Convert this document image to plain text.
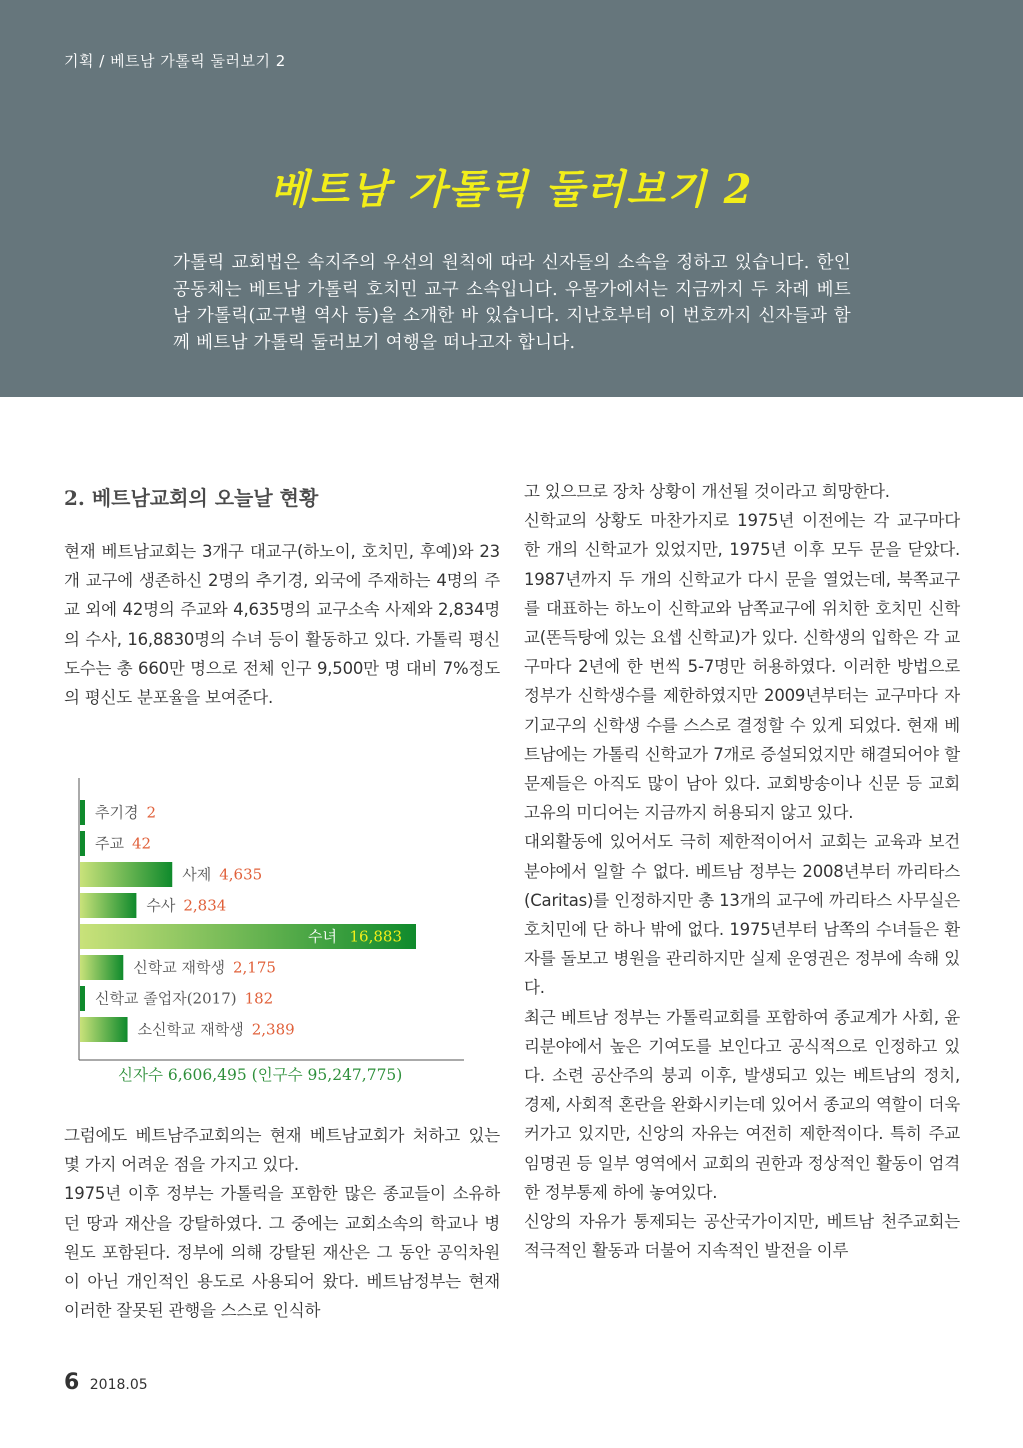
기획 / 베트남 가톨릭 둘러보기 2
베트남 가톨릭 둘러보기 2
가톨릭 교회법은 속지주의 우선의 원칙에 따라 신자들의 소속을 정하고 있습니다. 한인공동체는 베트남 가톨릭 호치민 교구 소속입니다. 우물가에서는 지금까지 두 차례 베트남 가톨릭(교구별 역사 등)을 소개한 바 있습니다. 지난호부터 이 번호까지 신자들과 함께 베트남 가톨릭 둘러보기 여행을 떠나고자 합니다.
2. 베트남교회의 오늘날 현황

현재 베트남교회는 3개구 대교구(하노이, 호치민, 후예)와 23개 교구에 생존하신 2명의 추기경, 외국에 주재하는 4명의 주교 외에 42명의 주교와 4,635명의 교구소속 사제와 2,834명의 수사, 16,8830명의 수녀 등이 활동하고 있다. 가톨릭 평신도수는 총 660만 명으로 전체 인구 9,500만 명 대비 7%정도의 평신도 분포율을 보여준다.

추기경 2
주교 42
사제 4,635
수사 2,834
수녀 16,883
신학교 재학생 2,175
신학교 졸업자(2017) 182
소신학교 재학생 2,389
신자수 6,606,495 (인구수 95,247,775)

그럼에도 베트남주교회의는 현재 베트남교회가 처하고 있는 몇 가지 어려운 점을 가지고 있다.

1975년 이후 정부는 가톨릭을 포함한 많은 종교들이 소유하던 땅과 재산을 강탈하였다. 그 중에는 교회소속의 학교나 병원도 포함된다. 정부에 의해 강탈된 재산은 그 동안 공익차원이 아닌 개인적인 용도로 사용되어 왔다. 베트남정부는 현재 이러한 잘못된 관행을 스스로 인식하

고 있으므로 장차 상황이 개선될 것이라고 희망한다.

신학교의 상황도 마찬가지로 1975년 이전에는 각 교구마다 한 개의 신학교가 있었지만, 1975년 이후 모두 문을 닫았다. 1987년까지 두 개의 신학교가 다시 문을 열었는데, 북쪽교구를 대표하는 하노이 신학교와 남쪽교구에 위치한 호치민 신학교(똔득탕에 있는 요셉 신학교)가 있다. 신학생의 입학은 각 교구마다 2년에 한 번씩 5-7명만 허용하였다. 이러한 방법으로 정부가 신학생수를 제한하였지만 2009년부터는 교구마다 자기교구의 신학생 수를 스스로 결정할 수 있게 되었다. 현재 베트남에는 가톨릭 신학교가 7개로 증설되었지만 해결되어야 할 문제들은 아직도 많이 남아 있다. 교회방송이나 신문 등 교회 고유의 미디어는 지금까지 허용되지 않고 있다.

대외활동에 있어서도 극히 제한적이어서 교회는 교육과 보건 분야에서 일할 수 없다. 베트남 정부는 2008년부터 까리타스(Caritas)를 인정하지만 총 13개의 교구에 까리타스 사무실은 호치민에 단 하나 밖에 없다. 1975년부터 남쪽의 수녀들은 환자를 돌보고 병원을 관리하지만 실제 운영권은 정부에 속해 있다.

최근 베트남 정부는 가톨릭교회를 포함하여 종교계가 사회, 윤리분야에서 높은 기여도를 보인다고 공식적으로 인정하고 있다. 소련 공산주의 붕괴 이후, 발생되고 있는 베트남의 정치, 경제, 사회적 혼란을 완화시키는데 있어서 종교의 역할이 더욱 커가고 있지만, 신앙의 자유는 여전히 제한적이다. 특히 주교 임명권 등 일부 영역에서 교회의 권한과 정상적인 활동이 엄격한 정부통제 하에 놓여있다.

신앙의 자유가 통제되는 공산국가이지만, 베트남 천주교회는 적극적인 활동과 더불어 지속적인 발전을 이루

6 2018.05
